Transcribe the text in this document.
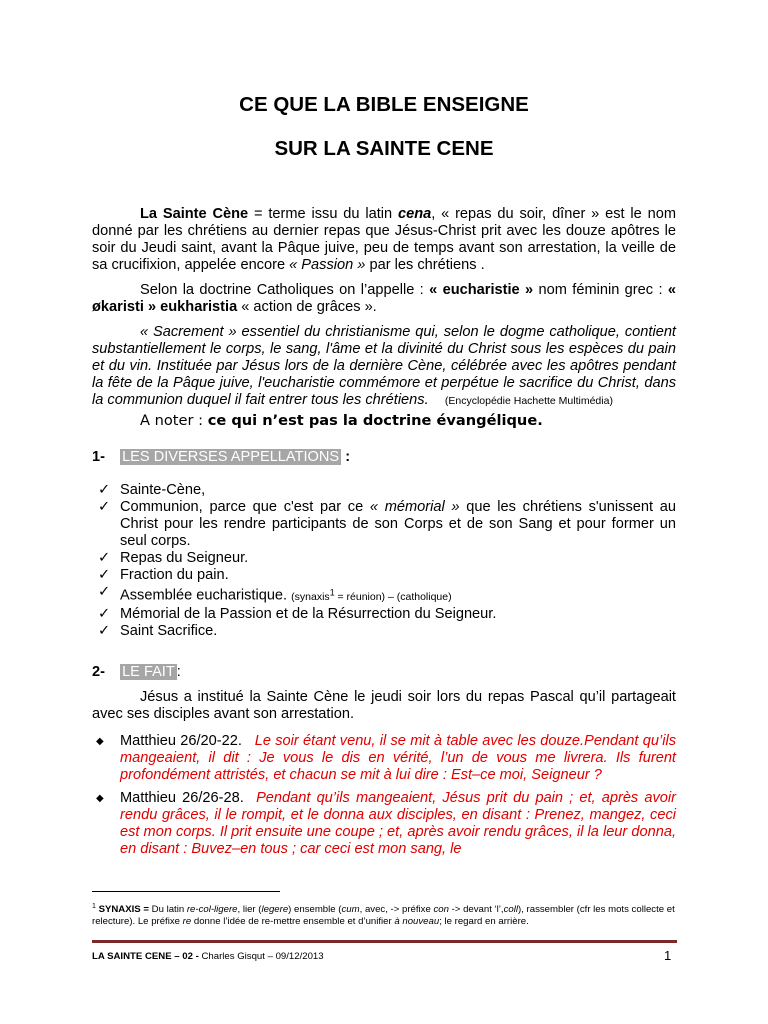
CE QUE LA BIBLE ENSEIGNE
SUR LA SAINTE CENE

La Sainte Cène = terme issu du latin cena, « repas du soir, dîner » est le nom donné par les chrétiens au dernier repas que Jésus-Christ prit avec les douze apôtres le soir du Jeudi saint, avant la Pâque juive, peu de temps avant son arrestation, la veille de sa crucifixion, appelée encore « Passion » par les chrétiens .

Selon la doctrine Catholiques on l’appelle : « eucharistie » nom féminin grec : « økaristi » eukharistia « action de grâces ».

« Sacrement » essentiel du christianisme qui, selon le dogme catholique, contient substantiellement le corps, le sang, l'âme et la divinité du Christ sous les espèces du pain et du vin. Instituée par Jésus lors de la dernière Cène, célébrée avec les apôtres pendant la fête de la Pâque juive, l'eucharistie commémore et perpétue le sacrifice du Christ, dans la communion duquel il fait entrer tous les chrétiens. (Encyclopédie Hachette Multimédia)

A noter : ce qui n’est pas la doctrine évangélique.

1- LES DIVERSES APPELLATIONS :
✓ Sainte-Cène,
✓ Communion, parce que c'est par ce « mémorial » que les chrétiens s'unissent au Christ pour les rendre participants de son Corps et de son Sang et pour former un seul corps.
✓ Repas du Seigneur.
✓ Fraction du pain.
✓ Assemblée eucharistique. (synaxis$^1$ = réunion) – (catholique)
✓ Mémorial de la Passion et de la Résurrection du Seigneur.
✓ Saint Sacrifice.
2- LE FAIT :

Jésus a institué la Sainte Cène le jeudi soir lors du repas Pascal qu’il partageait avec ses disciples avant son arrestation.

◆ Matthieu 26/20-22. Le soir étant venu, il se mit à table avec les douze.Pendant qu’ils mangeaient, il dit : Je vous le dis en vérité, l’un de vous me livrera. Ils furent profondément attristés, et chacun se mit à lui dire : Est–ce moi, Seigneur ?
◆ Matthieu 26/26-28. Pendant qu’ils mangeaient, Jésus prit du pain ; et, après avoir rendu grâces, il le rompit, et le donna aux disciples, en disant : Prenez, mangez, ceci est mon corps. Il prit ensuite une coupe ; et, après avoir rendu grâces, il la leur donna, en disant : Buvez–en tous ; car ceci est mon sang, le
$^1$ SYNAXIS = Du latin re-col-ligere, lier (legere) ensemble (cum, avec, -> préfixe con -> devant ‘l’,coll), rassembler (cfr les mots collecte et relecture). Le préfixe re donne l’idée de re-mettre ensemble et d’unifier à nouveau; le regard en arrière.
LA SAINTE CENE – 02 - Charles Gisqut – 09/12/2013	1
